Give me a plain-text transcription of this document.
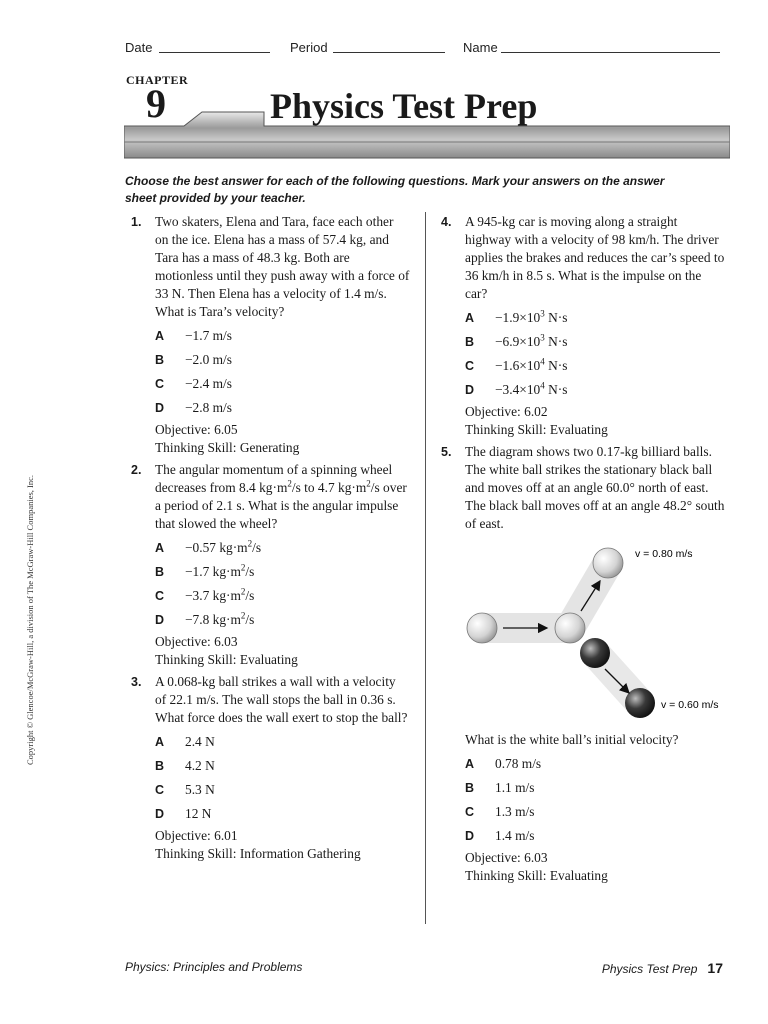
Date	Period	Name
CHAPTER
9	Physics Test Prep
Choose the best answer for each of the following questions. Mark your answers on the answer sheet provided by your teacher.
Copyright © Glencoe/McGraw-Hill, a division of The McGraw-Hill Companies, Inc.
1. Two skaters, Elena and Tara, face each other on the ice. Elena has a mass of 57.4 kg, and Tara has a mass of 48.3 kg. Both are motionless until they push away with a force of 33 N. Then Elena has a velocity of 1.4 m/s. What is Tara’s velocity?

A −1.7 m/s
B −2.0 m/s
C −2.4 m/s
D −2.8 m/s
Objective: 6.05
Thinking Skill: Generating
2. The angular momentum of a spinning wheel decreases from 8.4 $kg\cdot m^2/s$ to 4.7 $kg\cdot m^2/s$ over a period of 2.1 s. What is the angular impulse that slowed the wheel?

A −0.57 $kg\cdot m^2/s$
B −1.7 $kg\cdot m^2/s$
C −3.7 $kg\cdot m^2/s$
D −7.8 $kg\cdot m^2/s$
Objective: 6.03
Thinking Skill: Evaluating
3. A 0.068-kg ball strikes a wall with a velocity of 22.1 m/s. The wall stops the ball in 0.36 s. What force does the wall exert to stop the ball?

A 2.4 N
B 4.2 N
C 5.3 N
D 12 N
Objective: 6.01
Thinking Skill: Information Gathering
4. A 945-kg car is moving along a straight highway with a velocity of 98 km/h. The driver applies the brakes and reduces the car’s speed to 36 km/h in 8.5 s. What is the impulse on the car?

$A -1.9\times 10^3$ N·s
$B -6.9\times 10^3$ N·s
$C -1.6\times 10^4$ N·s
$D -3.4\times 10^4$ N·s
Objective: 6.02
Thinking Skill: Evaluating
5. The diagram shows two 0.17-kg billiard balls. The white ball strikes the stationary black ball and moves off at an angle 60.0° north of east. The black ball moves off at an angle 48.2° south of east.

v = 0.80 m/s
v = 0.60 m/s

What is the white ball’s initial velocity?

A 0.78 m/s
B 1.1 m/s
C 1.3 m/s
D 1.4 m/s
Objective: 6.03
Thinking Skill: Evaluating
Physics: Principles and Problems	Physics Test Prep 17
